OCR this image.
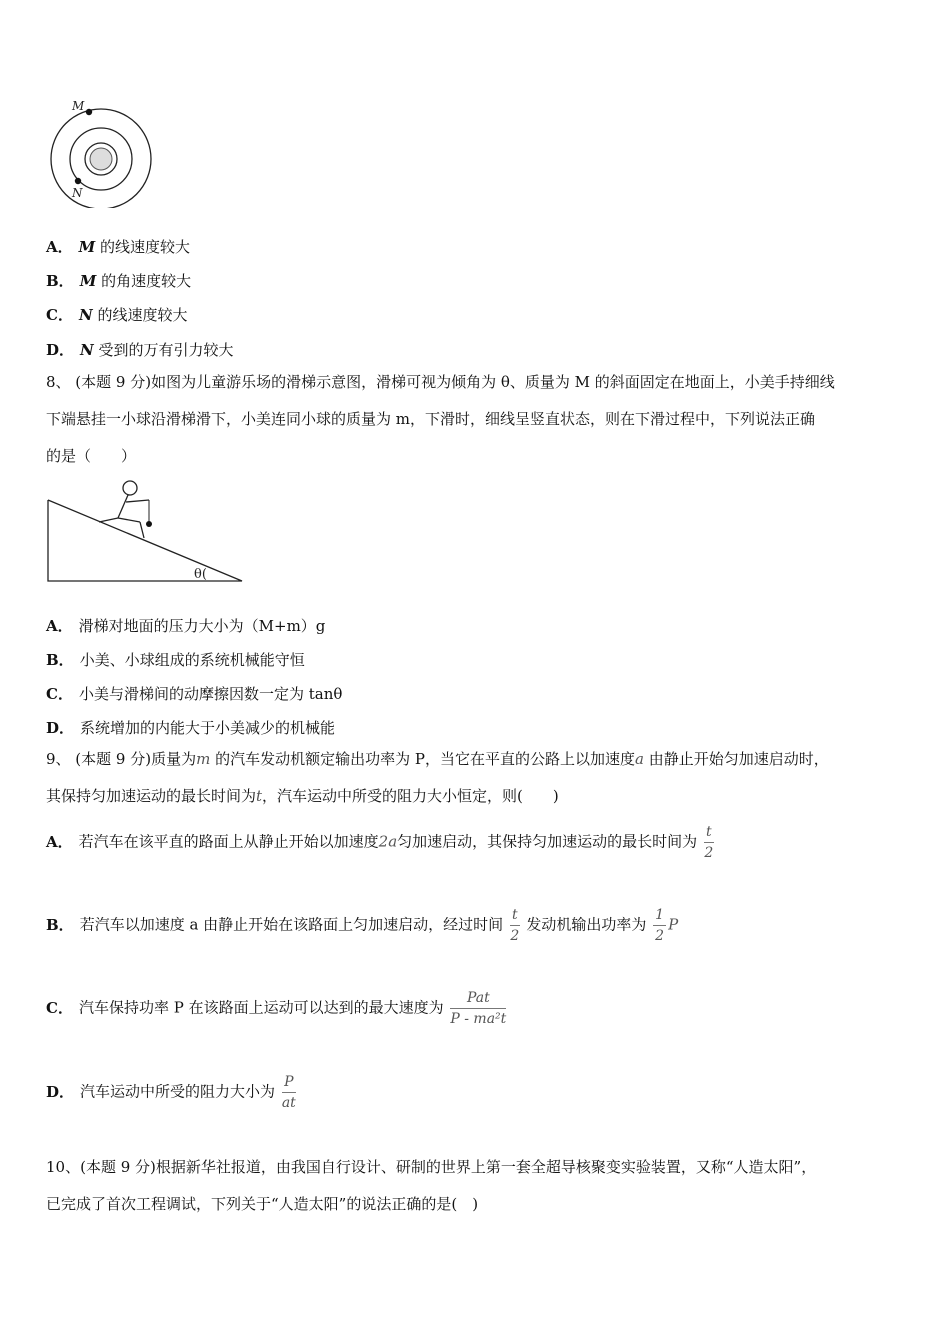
M
N
A． M 的线速度较大
B． M 的角速度较大
C． N 的线速度较大
D． N 受到的万有引力较大
8、 (本题 9 分)如图为儿童游乐场的滑梯示意图，滑梯可视为倾角为 θ、质量为 M 的斜面固定在地面上，小美手持细线
下端悬挂一小球沿滑梯滑下，小美连同小球的质量为 m，下滑时，细线呈竖直状态，则在下滑过程中，下列说法正确
的是（　　）
θ(
A． 滑梯对地面的压力大小为（M+m）g
B． 小美、小球组成的系统机械能守恒
C． 小美与滑梯间的动摩擦因数一定为 tanθ
D． 系统增加的内能大于小美减少的机械能
9、 (本题 9 分)质量为m 的汽车发动机额定输出功率为 P，当它在平直的公路上以加速度a 由静止开始匀加速启动时，
其保持匀加速运动的最长时间为t，汽车运动中所受的阻力大小恒定，则(　　)
A． 若汽车在该平直的路面上从静止开始以加速度2a匀加速启动，其保持匀加速运动的最长时间为 $\frac{t}{2}$
B． 若汽车以加速度 a 由静止开始在该路面上匀加速启动，经过时间 $\frac{t}{2}$ 发动机输出功率为 $\frac{1}{2}$ P
C． 汽车保持功率 P 在该路面上运动可以达到的最大速度为 $\frac{\text{Pat}}{\text{P - ma²t}}$
D． 汽车运动中所受的阻力大小为 $\frac{P}{at}$
10、(本题 9 分)根据新华社报道，由我国自行设计、研制的世界上第一套全超导核聚变实验装置，又称“人造太阳”，
已完成了首次工程调试，下列关于“人造太阳”的说法正确的是(　)
